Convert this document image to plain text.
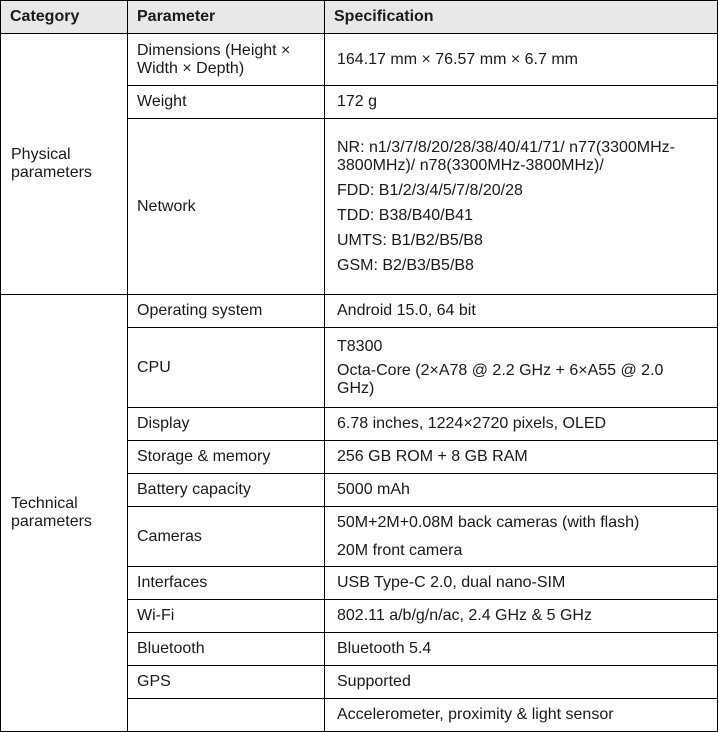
Category	Parameter	Specification
Physical parameters	Dimensions (Height × Width × Depth)	164.17 mm × 76.57 mm × 6.7 mm
	Weight	172 g
	Network	NR: n1/3/7/8/20/28/38/40/41/71/ n77(3300MHz-3800MHz)/ n78(3300MHz-3800MHz)/
FDD: B1/2/3/4/5/7/8/20/28
TDD: B38/B40/B41
UMTS: B1/B2/B5/B8
GSM: B2/B3/B5/B8

Technical parameters	Operating system	Android 15.0, 64 bit
	CPU	T8300
Octa-Core (2×A78 @ 2.2 GHz + 6×A55 @ 2.0 GHz)

	Display	6.78 inches, 1224×2720 pixels, OLED
	Storage & memory	256 GB ROM + 8 GB RAM
	Battery capacity	5000 mAh
	Cameras	50M+2M+0.08M back cameras (with flash)
20M front camera

	Interfaces	USB Type-C 2.0, dual nano-SIM
	Wi-Fi	802.11 a/b/g/n/ac, 2.4 GHz & 5 GHz
	Bluetooth	Bluetooth 5.4
	GPS	Supported
		Accelerometer, proximity & light sensor
